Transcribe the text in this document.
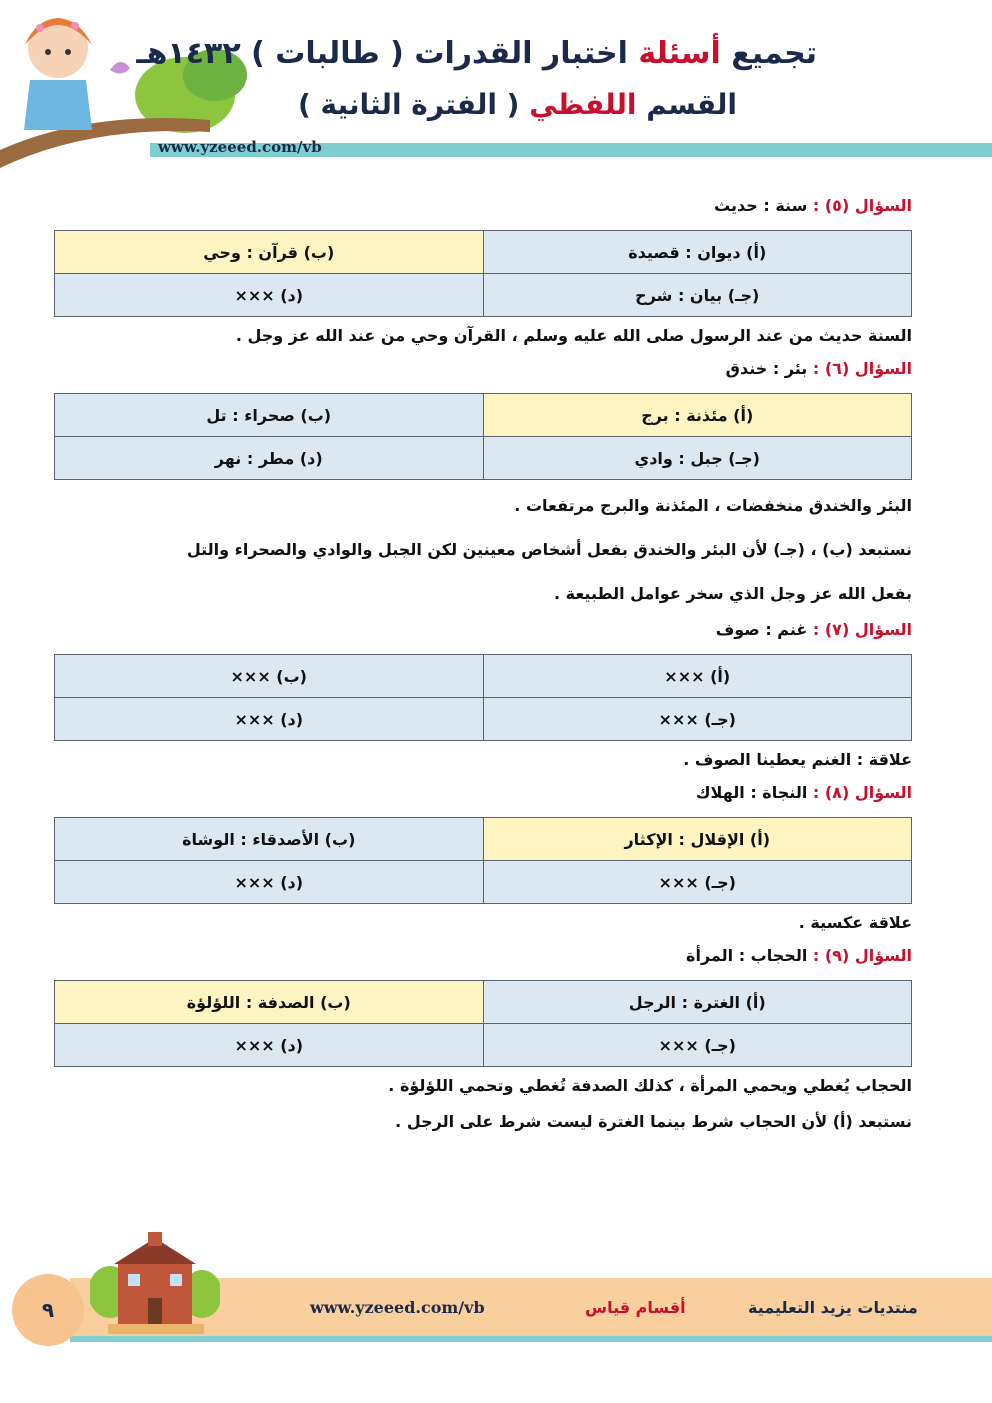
تجميع أسئلة اختبار القدرات ( طالبات ) ١٤٣٢هـ
القسم اللفظي ( الفترة الثانية )
www.yzeeed.com/vb
السؤال (٥) : سنة : حديث
(أ) ديوان : قصيدة	(ب) قرآن : وحي
(جـ) بيان : شرح	(د) ×××
السنة حديث من عند الرسول صلى الله عليه وسلم ، القرآن وحي من عند الله عز وجل .
السؤال (٦) : بئر : خندق
(أ) مئذنة : برج	(ب) صحراء : تل
(جـ) جبل : وادي	(د) مطر : نهر
البئر والخندق منخفضات ، المئذنة والبرج مرتفعات .
نستبعد (ب) ، (جـ) لأن البئر والخندق بفعل أشخاص معينين لكن الجبل والوادي والصحراء والتل
بفعل الله عز وجل الذي سخر عوامل الطبيعة .
السؤال (٧) : غنم : صوف
(أ) ×××	(ب) ×××
(جـ) ×××	(د) ×××
علاقة : الغنم يعطينا الصوف .
السؤال (٨) : النجاة : الهلاك
(أ) الإقلال : الإكثار	(ب) الأصدقاء : الوشاة
(جـ) ×××	(د) ×××
علاقة عكسية .
السؤال (٩) : الحجاب : المرأة
(أ) الغترة : الرجل	(ب) الصدفة : اللؤلؤة
(جـ) ×××	(د) ×××
الحجاب يُغطي ويحمي المرأة ، كذلك الصدفة تُغطي وتحمي اللؤلؤة .
نستبعد (أ) لأن الحجاب شرط بينما الغترة ليست شرط على الرجل .
٩	www.yzeeed.com/vb	أقسام قياس	منتديات يزيد التعليمية
